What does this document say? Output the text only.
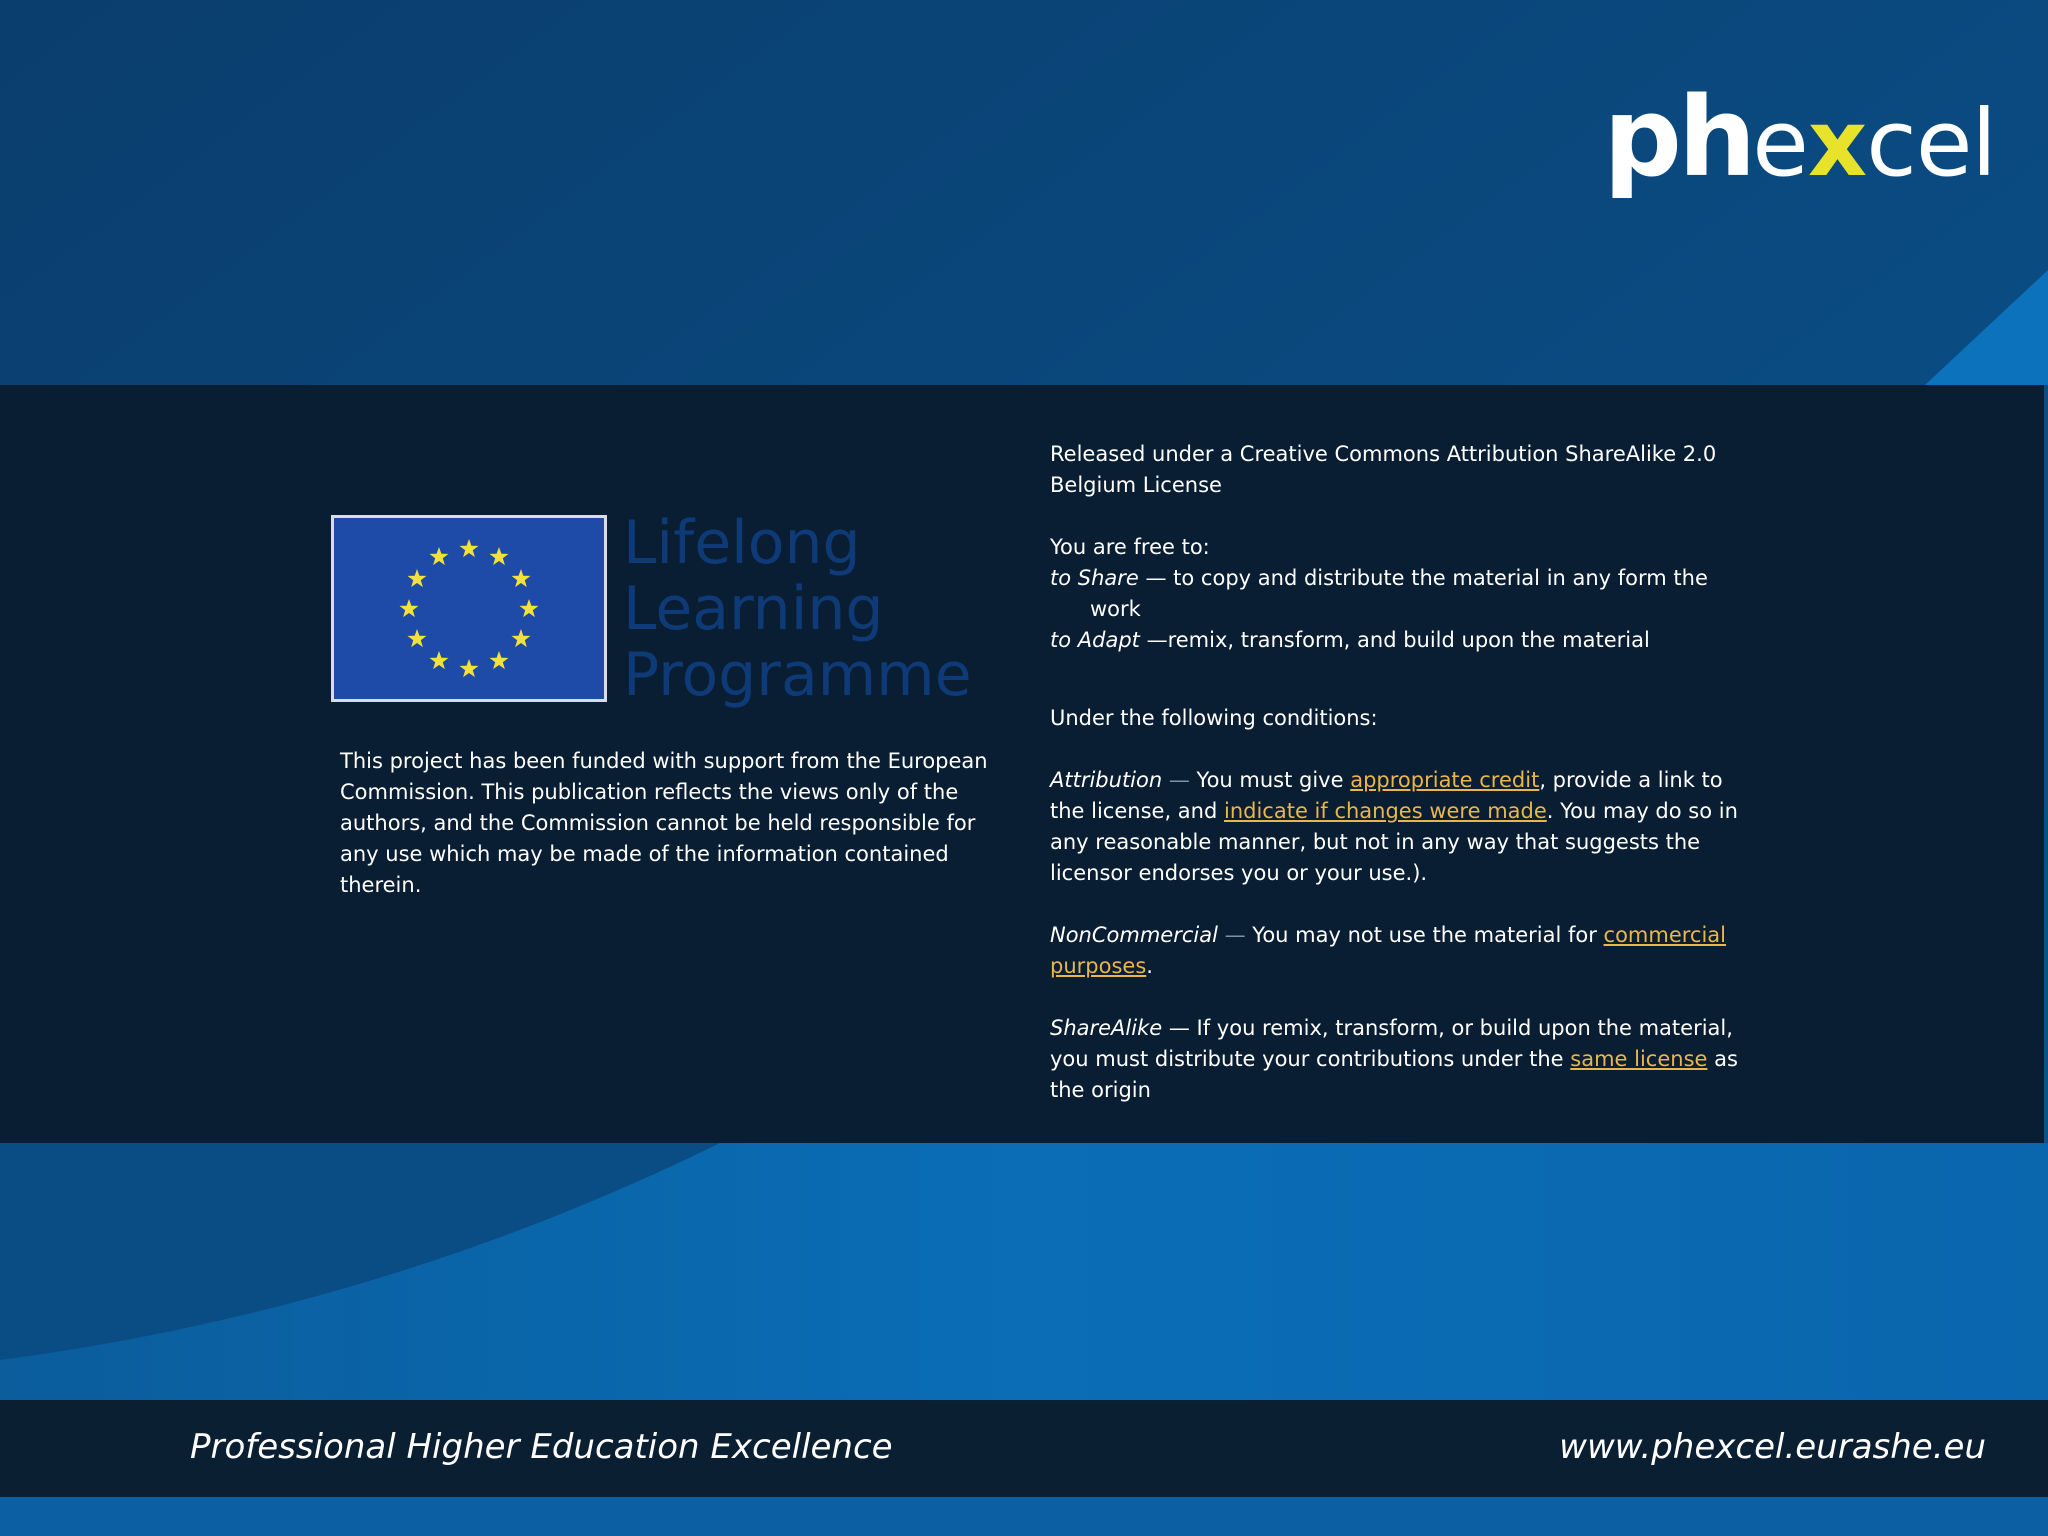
phexcel
Lifelong
Learning
Programme
This project has been funded with support from the European Commission. This publication reflects the views only of the authors, and the Commission cannot be held responsible for any use which may be made of the information contained therein.

Released under a Creative Commons Attribution ShareAlike 2.0 Belgium License

You are free to:

to Share — to copy and distribute the material in any form the

work

to Adapt —remix, transform, and build upon the material

Under the following conditions:

Attribution — You must give appropriate credit, provide a link to the license, and indicate if changes were made. You may do so in any reasonable manner, but not in any way that suggests the licensor endorses you or your use.).

NonCommercial — You may not use the material for commercial purposes.

ShareAlike — If you remix, transform, or build upon the material, you must distribute your contributions under the same license as the origin

Professional Higher Education Excellence	www.phexcel.eurashe.eu
